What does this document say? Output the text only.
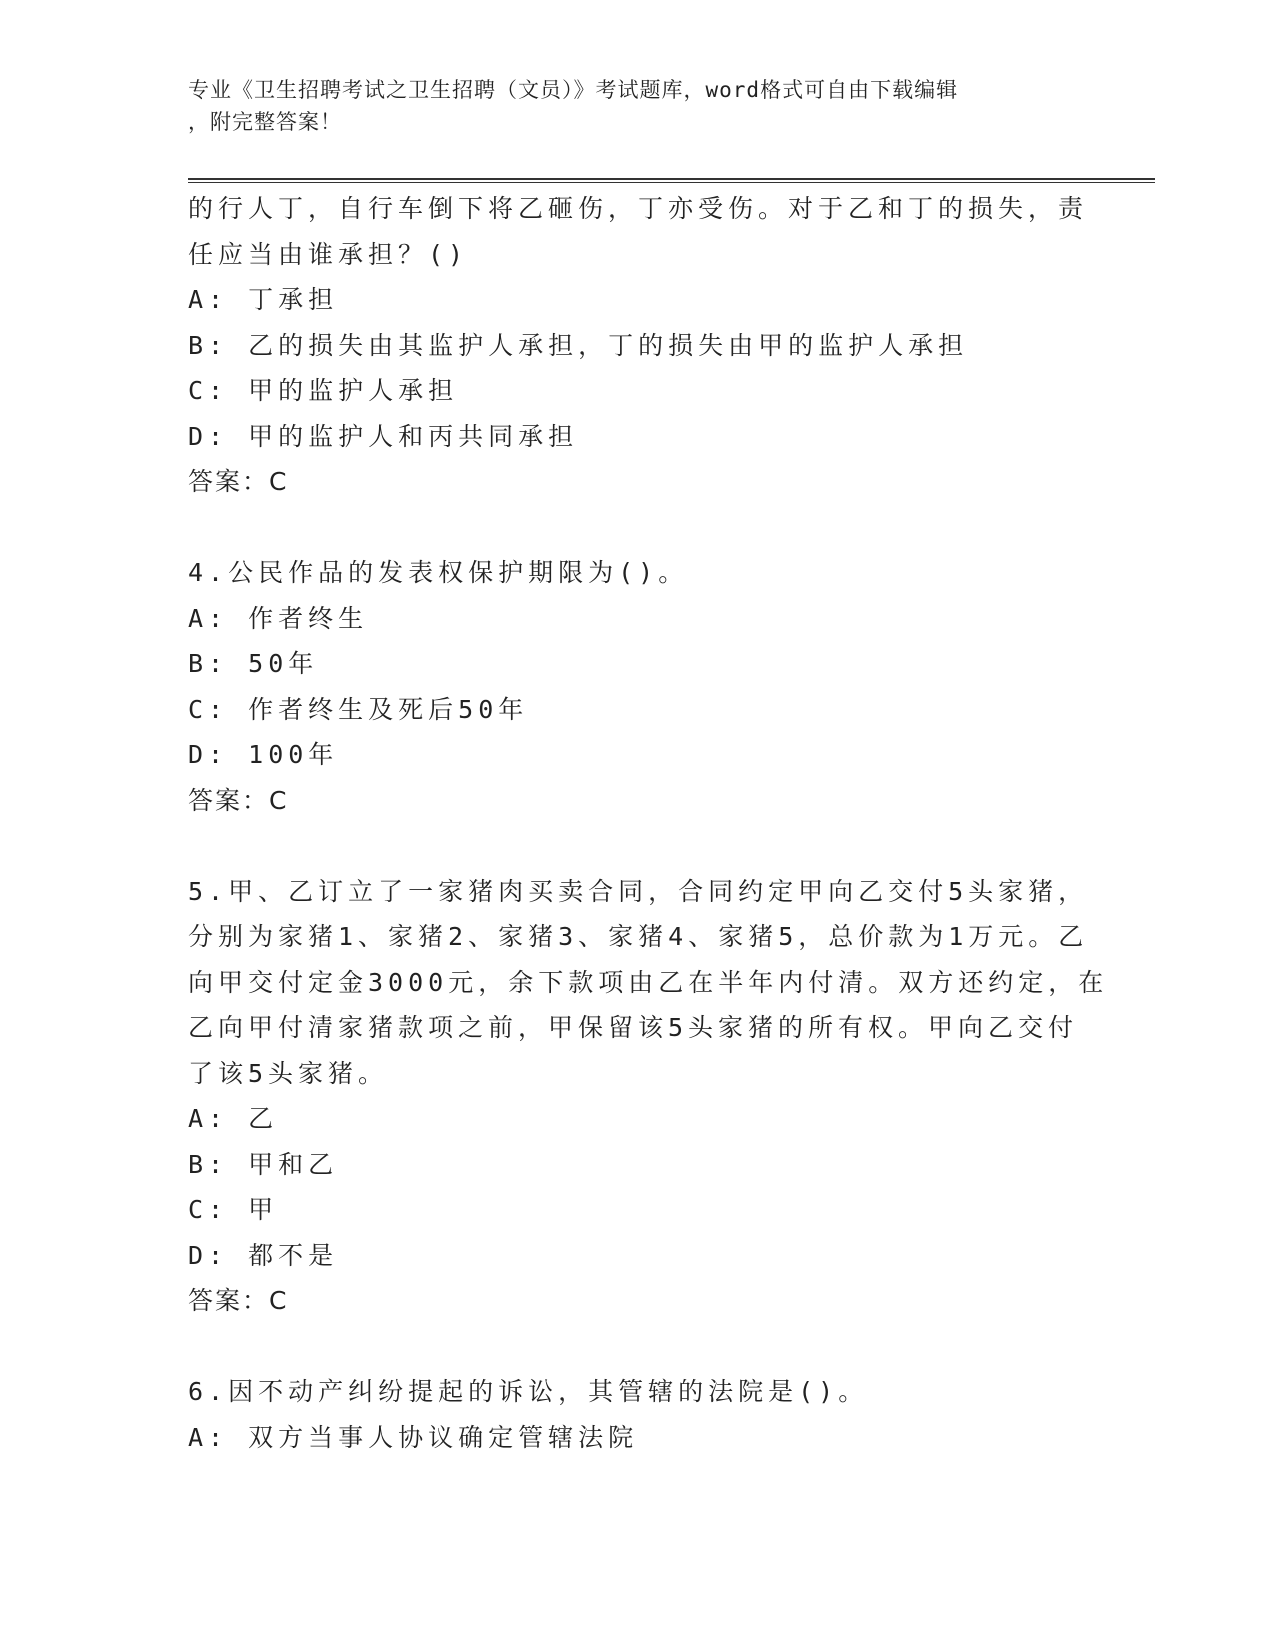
专业《卫生招聘考试之卫生招聘（文员）》考试题库，word格式可自由下载编辑
，附完整答案！
的行人丁，自行车倒下将乙砸伤，丁亦受伤。对于乙和丁的损失，责
任应当由谁承担？()
A: 丁承担
B: 乙的损失由其监护人承担，丁的损失由甲的监护人承担
C: 甲的监护人承担
D: 甲的监护人和丙共同承担
答案：C
4.公民作品的发表权保护期限为()。
A: 作者终生
B: 50年
C: 作者终生及死后50年
D: 100年
答案：C
5.甲、乙订立了一家猪肉买卖合同，合同约定甲向乙交付5头家猪，
分别为家猪1、家猪2、家猪3、家猪4、家猪5，总价款为1万元。乙
向甲交付定金3000元，余下款项由乙在半年内付清。双方还约定，在
乙向甲付清家猪款项之前，甲保留该5头家猪的所有权。甲向乙交付
了该5头家猪。
A: 乙
B: 甲和乙
C: 甲
D: 都不是
答案：C
6.因不动产纠纷提起的诉讼，其管辖的法院是()。
A: 双方当事人协议确定管辖法院
